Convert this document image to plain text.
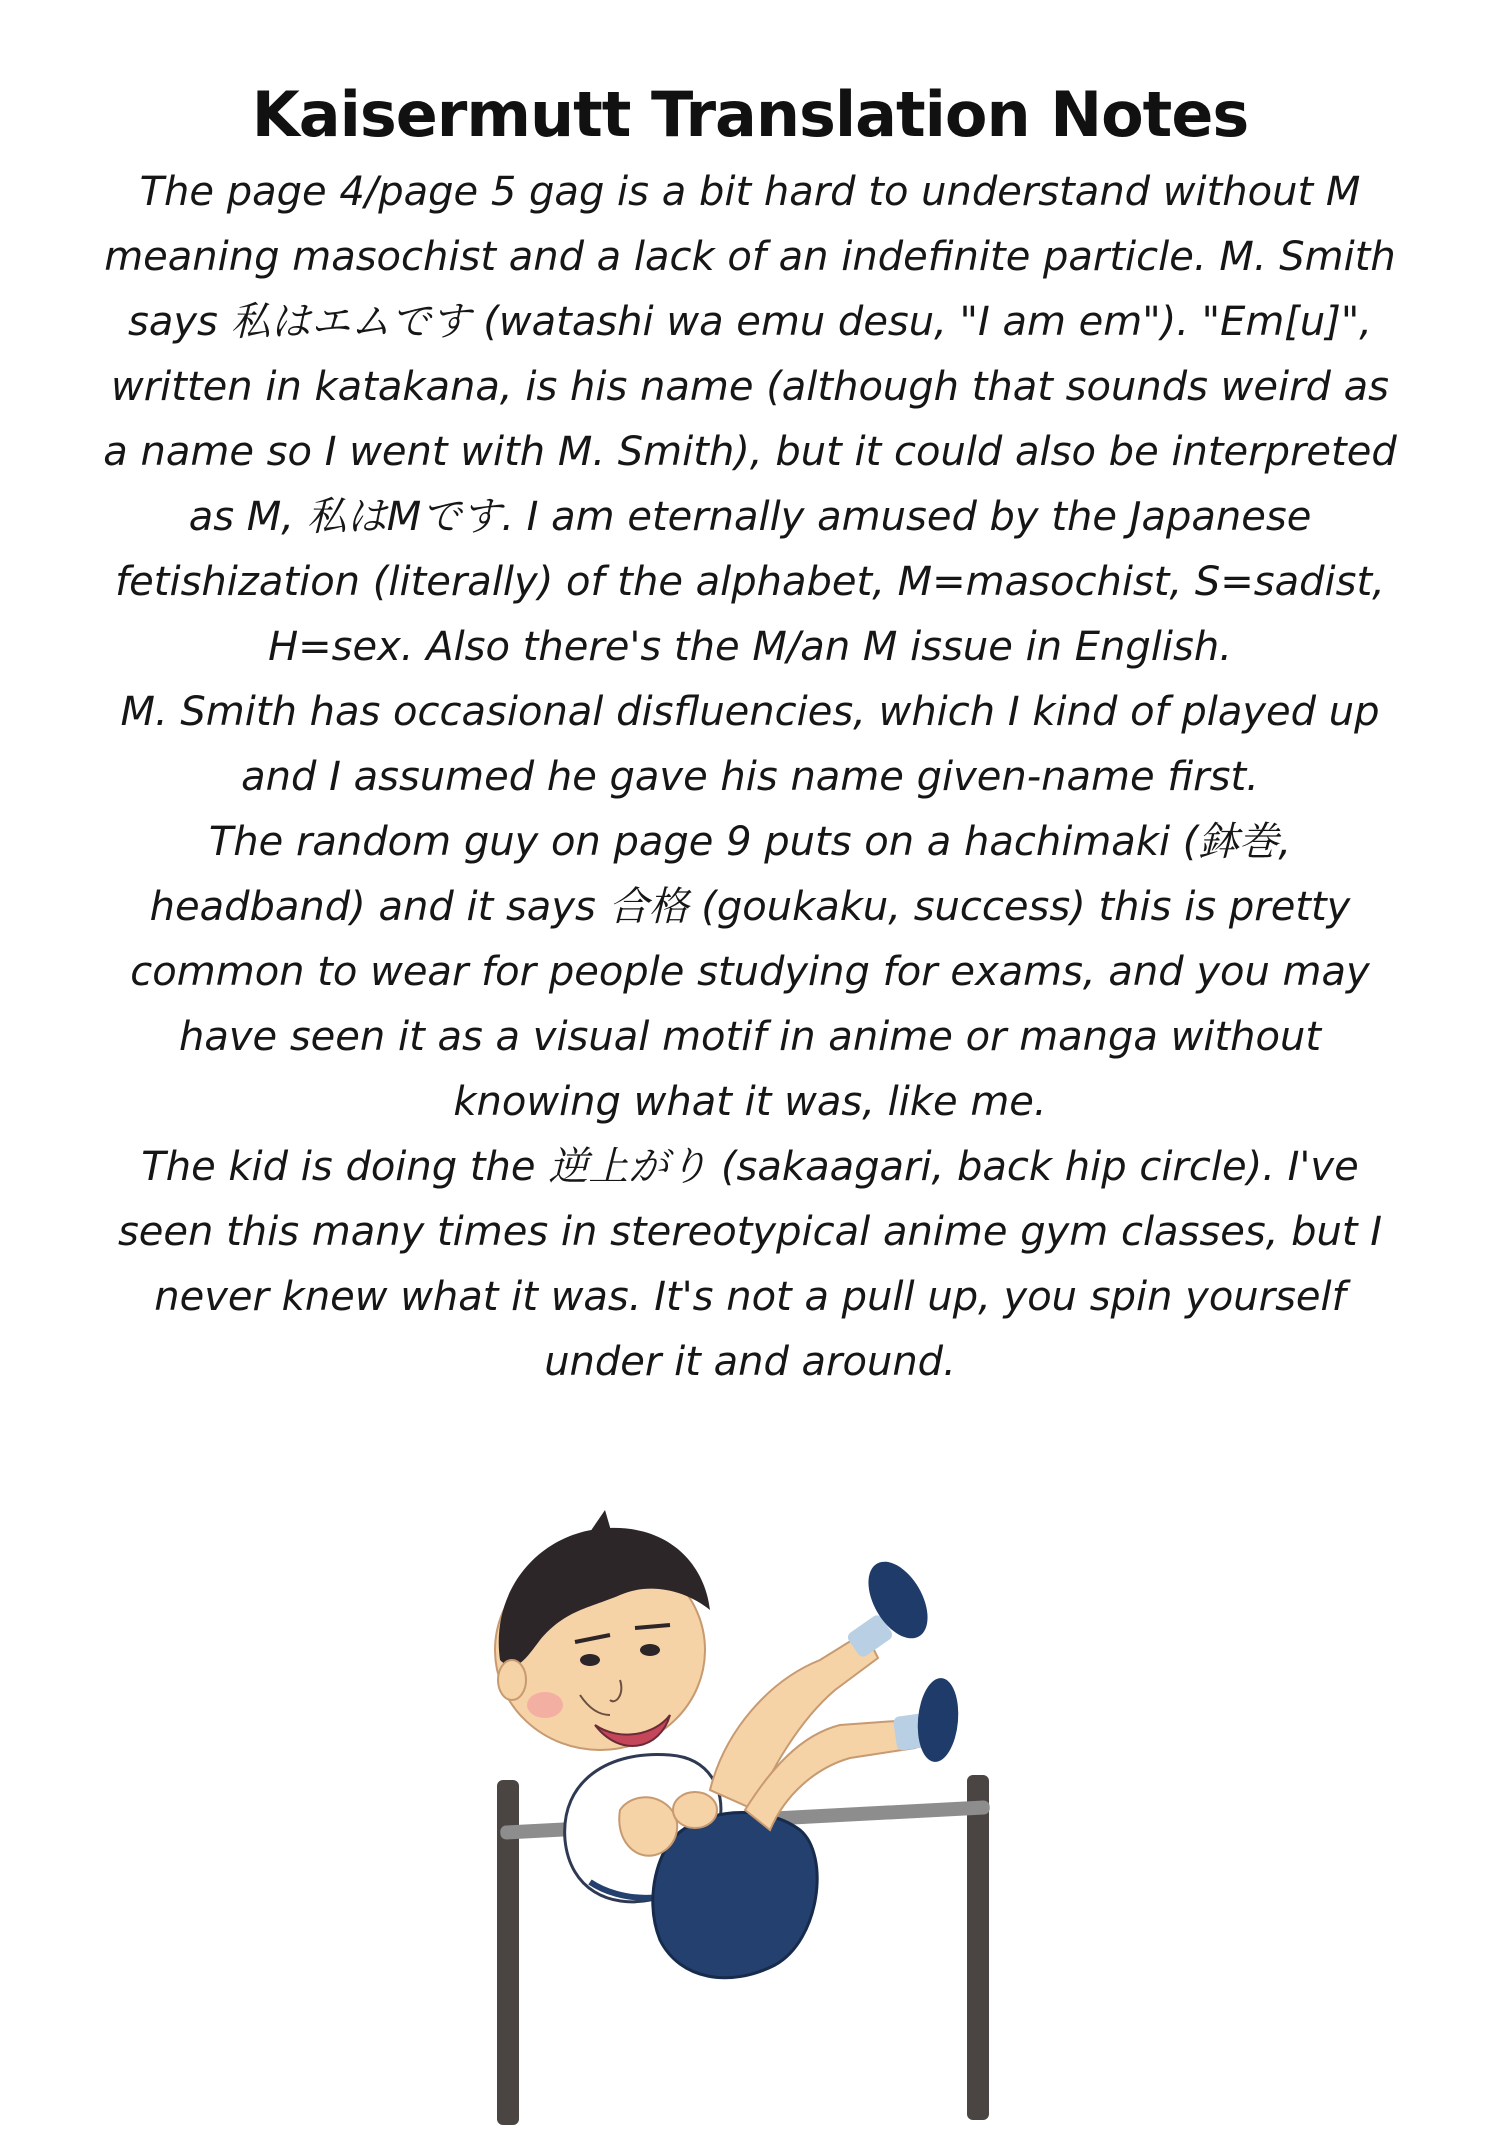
Kaisermutt Translation Notes

The page 4/page 5 gag is a bit hard to understand without M meaning masochist and a lack of an indefinite particle. M. Smith says 私はエムです (watashi wa emu desu, "I am em"). "Em[u]", written in katakana, is his name (although that sounds weird as a name so I went with M. Smith), but it could also be interpreted as M, 私はMです. I am eternally amused by the Japanese fetishization (literally) of the alphabet, M=masochist, S=sadist, H=sex. Also there's the M/an M issue in English.

M. Smith has occasional disfluencies, which I kind of played up and I assumed he gave his name given-name first.

The random guy on page 9 puts on a hachimaki (鉢巻, headband) and it says 合格 (goukaku, success) this is pretty common to wear for people studying for exams, and you may have seen it as a visual motif in anime or manga without knowing what it was, like me.

The kid is doing the 逆上がり (sakaagari, back hip circle). I've seen this many times in stereotypical anime gym classes, but I never knew what it was. It's not a pull up, you spin yourself under it and around.
